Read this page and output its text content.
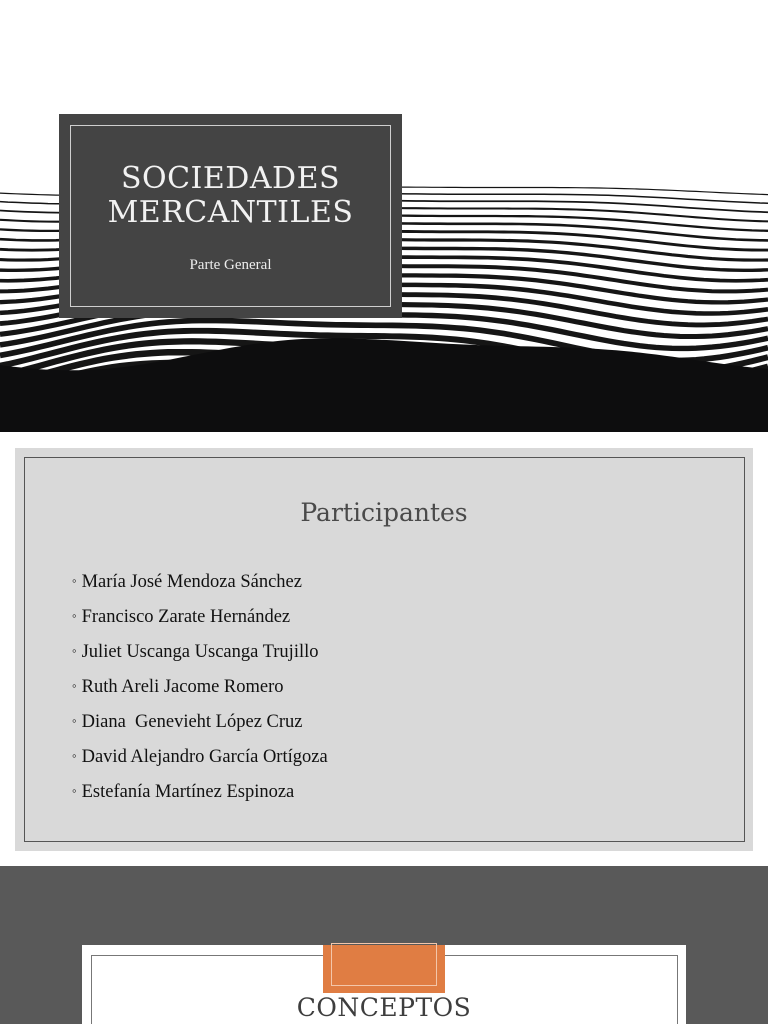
SOCIEDADES MERCANTILES
Parte General
Participantes
◦ María José Mendoza Sánchez
◦ Francisco Zarate Hernández
◦ Juliet Uscanga Uscanga Trujillo
◦ Ruth Areli Jacome Romero
◦ Diana  Genevieht López Cruz
◦ David Alejandro García Ortígoza
◦ Estefanía Martínez Espinoza
CONCEPTOS
